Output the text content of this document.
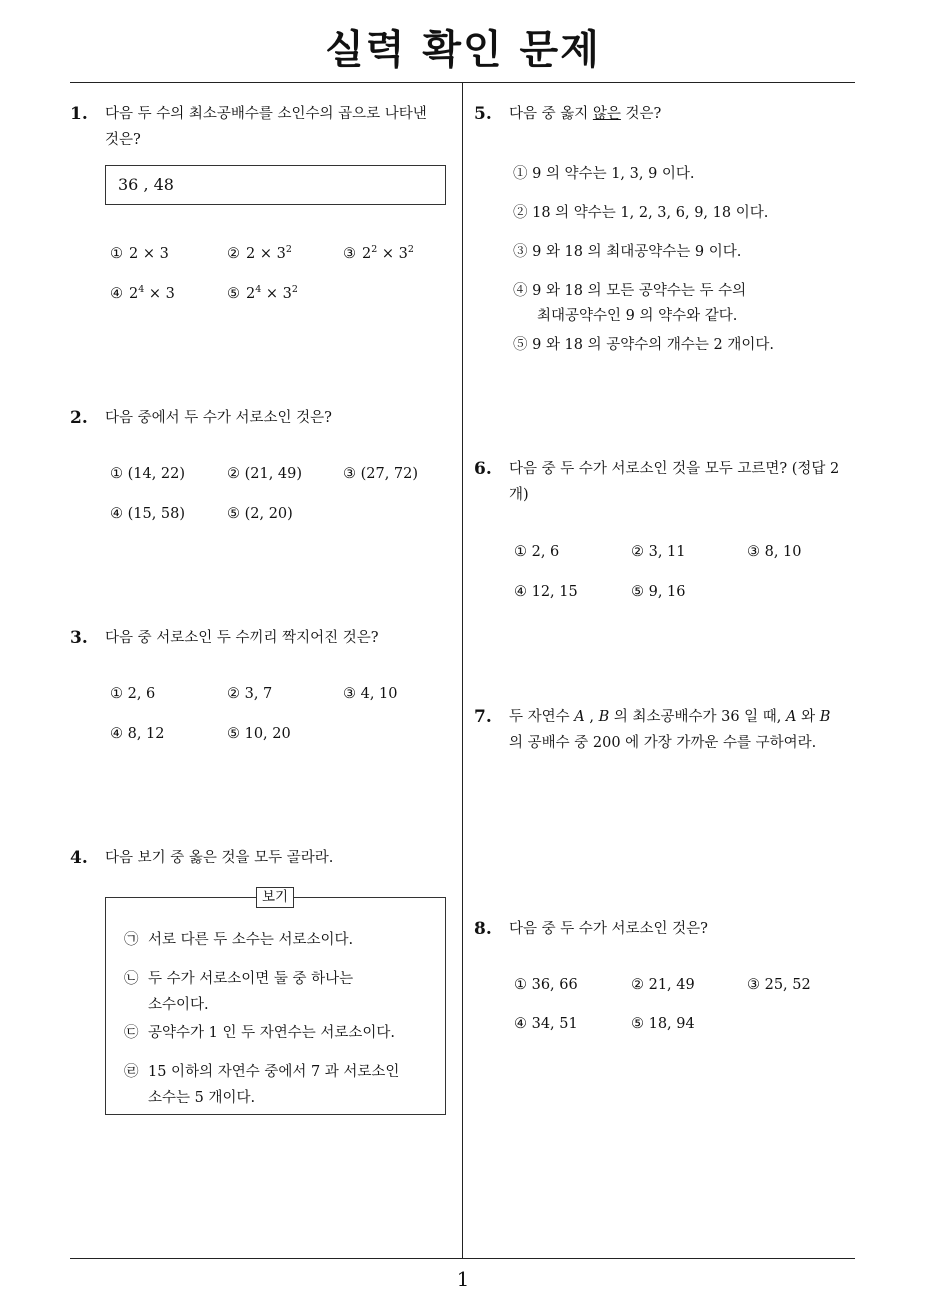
실력 확인 문제
1
1. 다음 두 수의 최소공배수를 소인수의 곱으로 나타낸
것은?
36 , 48
① 2 × 3	② $2 \times 3^2$	③ $2^2 \times 3^2$
④ $2^4 \times 3$	⑤ $2^4 \times 3^2$
2. 다음 중에서 두 수가 서로소인 것은?
① (14, 22)	② (21, 49)	③ (27, 72)
④ (15, 58)	⑤ (2, 20)
3. 다음 중 서로소인 두 수끼리 짝지어진 것은?
① 2, 6	② 3, 7	③ 4, 10
④ 8, 12	⑤ 10, 20
4. 다음 보기 중 옳은 것을 모두 골라라.
보기
㉠ 서로 다른 두 소수는 서로소이다.
㉡ 두 수가 서로소이면 둘 중 하나는
소수이다.
㉢ 공약수가 1 인 두 자연수는 서로소이다.
㉣ 15 이하의 자연수 중에서 7 과 서로소인
소수는 5 개이다.
5. 다음 중 옳지 않은 것은?
① 9 의 약수는 1, 3, 9 이다.
② 18 의 약수는 1, 2, 3, 6, 9, 18 이다.
③ 9 와 18 의 최대공약수는 9 이다.
④ 9 와 18 의 모든 공약수는 두 수의
최대공약수인 9 의 약수와 같다.
⑤ 9 와 18 의 공약수의 개수는 2 개이다.
6. 다음 중 두 수가 서로소인 것을 모두 고르면? (정답 2
개)
① 2, 6	② 3, 11	③ 8, 10
④ 12, 15	⑤ 9, 16
7. 두 자연수 A , B 의 최소공배수가 36 일 때, A 와 B
의 공배수 중 200 에 가장 가까운 수를 구하여라.
8. 다음 중 두 수가 서로소인 것은?
① 36, 66	② 21, 49	③ 25, 52
④ 34, 51	⑤ 18, 94
